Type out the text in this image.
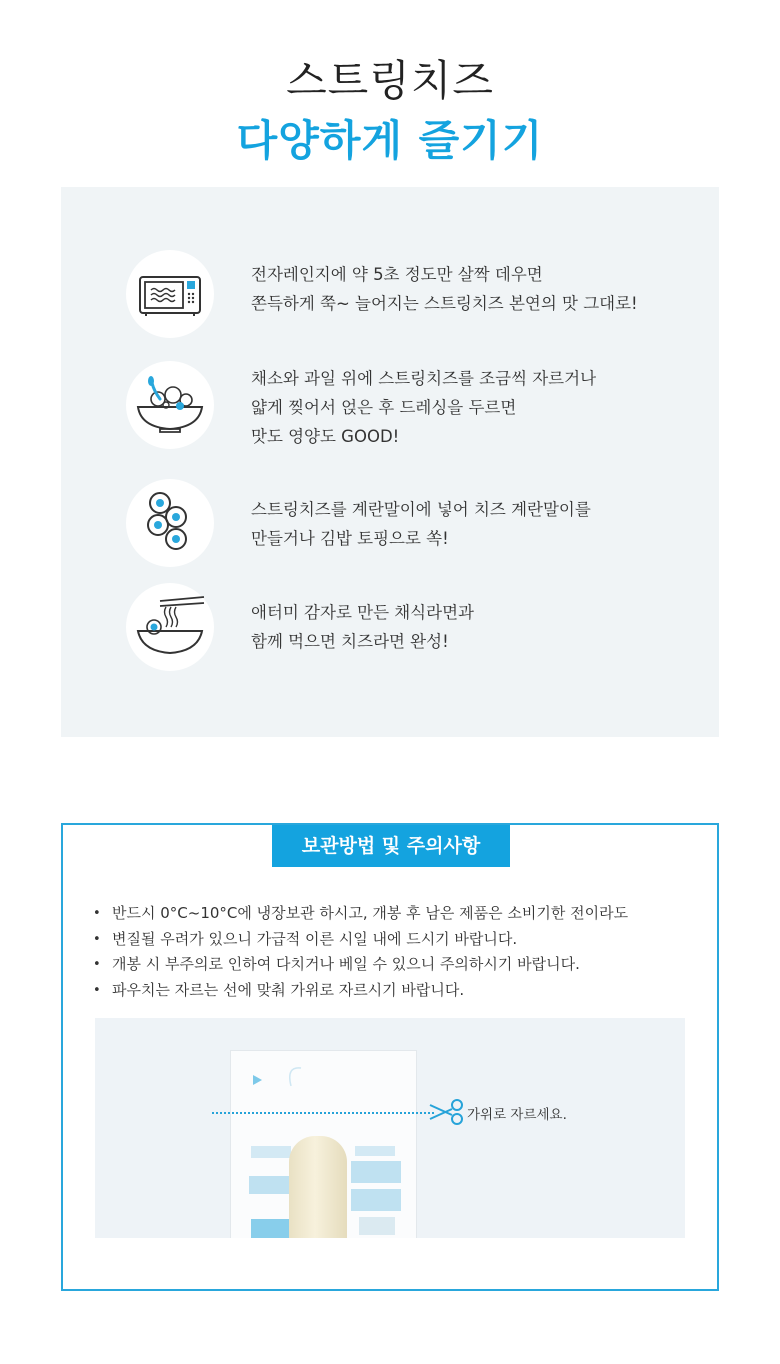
스트링치즈
다양하게 즐기기
전자레인지에 약 5초 정도만 살짝 데우면
쫀득하게 쭉~ 늘어지는 스트링치즈 본연의 맛 그대로!
채소와 과일 위에 스트링치즈를 조금씩 자르거나
얇게 찢어서 얹은 후 드레싱을 두르면
맛도 영양도 GOOD!
스트링치즈를 계란말이에 넣어 치즈 계란말이를
만들거나 김밥 토핑으로 쏙!
애터미 감자로 만든 채식라면과
함께 먹으면 치즈라면 완성!
보관방법 및 주의사항
• 반드시 0°C~10°C에 냉장보관 하시고, 개봉 후 남은 제품은 소비기한 전이라도
• 변질될 우려가 있으니 가급적 이른 시일 내에 드시기 바랍니다.
• 개봉 시 부주의로 인하여 다치거나 베일 수 있으니 주의하시기 바랍니다.
• 파우치는 자르는 선에 맞춰 가위로 자르시기 바랍니다.
가위로 자르세요.
